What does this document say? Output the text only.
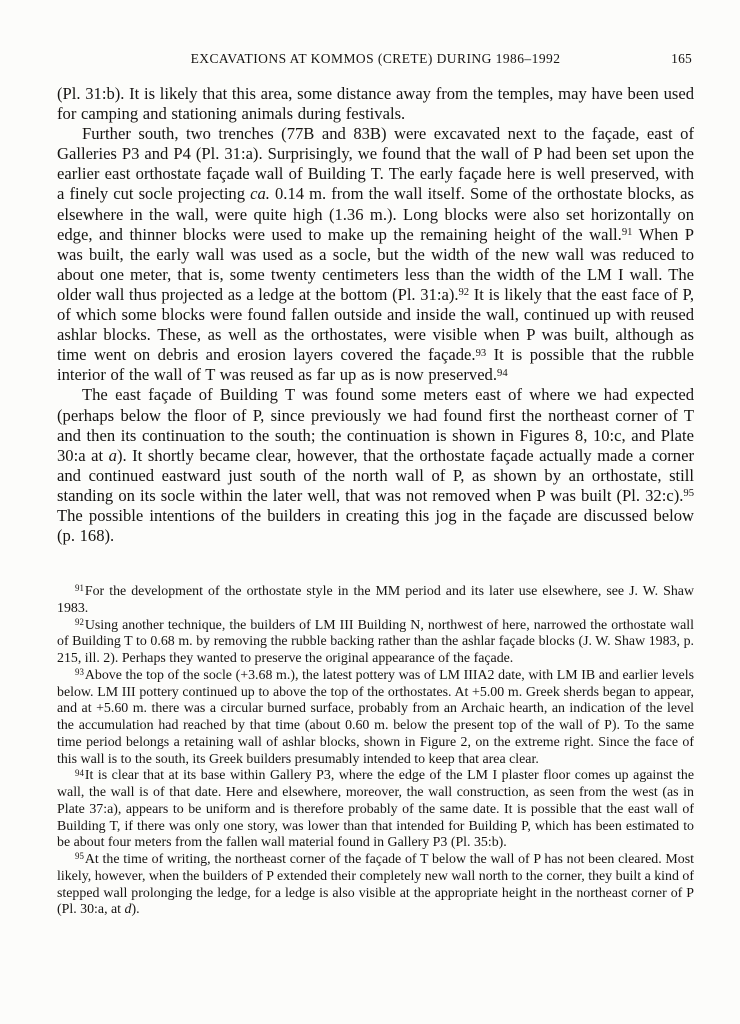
EXCAVATIONS AT KOMMOS (CRETE) DURING 1986–1992	165

(Pl. 31:b). It is likely that this area, some distance away from the temples, may have been used for camping and stationing animals during festivals.

Further south, two trenches (77B and 83B) were excavated next to the façade, east of Galleries P3 and P4 (Pl. 31:a). Surprisingly, we found that the wall of P had been set upon the earlier east orthostate façade wall of Building T. The early façade here is well preserved, with a finely cut socle projecting ca. 0.14 m. from the wall itself. Some of the orthostate blocks, as elsewhere in the wall, were quite high (1.36 m.). Long blocks were also set horizontally on edge, and thinner blocks were used to make up the remaining height of the wall.$^{91}$ When P was built, the early wall was used as a socle, but the width of the new wall was reduced to about one meter, that is, some twenty centimeters less than the width of the LM I wall. The older wall thus projected as a ledge at the bottom (Pl. 31:a).$^{92}$ It is likely that the east face of P, of which some blocks were found fallen outside and inside the wall, continued up with reused ashlar blocks. These, as well as the orthostates, were visible when P was built, although as time went on debris and erosion layers covered the façade.$^{93}$ It is possible that the rubble interior of the wall of T was reused as far up as is now preserved.$^{94}$

The east façade of Building T was found some meters east of where we had expected (perhaps below the floor of P, since previously we had found first the northeast corner of T and then its continuation to the south; the continuation is shown in Figures 8, 10:c, and Plate 30:a at a). It shortly became clear, however, that the orthostate façade actually made a corner and continued eastward just south of the north wall of P, as shown by an orthostate, still standing on its socle within the later well, that was not removed when P was built (Pl. 32:c).$^{95}$ The possible intentions of the builders in creating this jog in the façade are discussed below (p. 168).

$^{91}$For the development of the orthostate style in the MM period and its later use elsewhere, see J. W. Shaw 1983.

$^{92}$Using another technique, the builders of LM III Building N, northwest of here, narrowed the orthostate wall of Building T to 0.68 m. by removing the rubble backing rather than the ashlar façade blocks (J. W. Shaw 1983, p. 215, ill. 2). Perhaps they wanted to preserve the original appearance of the façade.

$^{93}$Above the top of the socle (+3.68 m.), the latest pottery was of LM IIIA2 date, with LM IB and earlier levels below. LM III pottery continued up to above the top of the orthostates. At +5.00 m. Greek sherds began to appear, and at +5.60 m. there was a circular burned surface, probably from an Archaic hearth, an indication of the level the accumulation had reached by that time (about 0.60 m. below the present top of the wall of P). To the same time period belongs a retaining wall of ashlar blocks, shown in Figure 2, on the extreme right. Since the face of this wall is to the south, its Greek builders presumably intended to keep that area clear.

$^{94}$It is clear that at its base within Gallery P3, where the edge of the LM I plaster floor comes up against the wall, the wall is of that date. Here and elsewhere, moreover, the wall construction, as seen from the west (as in Plate 37:a), appears to be uniform and is therefore probably of the same date. It is possible that the east wall of Building T, if there was only one story, was lower than that intended for Building P, which has been estimated to be about four meters from the fallen wall material found in Gallery P3 (Pl. 35:b).

$^{95}$At the time of writing, the northeast corner of the façade of T below the wall of P has not been cleared. Most likely, however, when the builders of P extended their completely new wall north to the corner, they built a kind of stepped wall prolonging the ledge, for a ledge is also visible at the appropriate height in the northeast corner of P (Pl. 30:a, at d).
